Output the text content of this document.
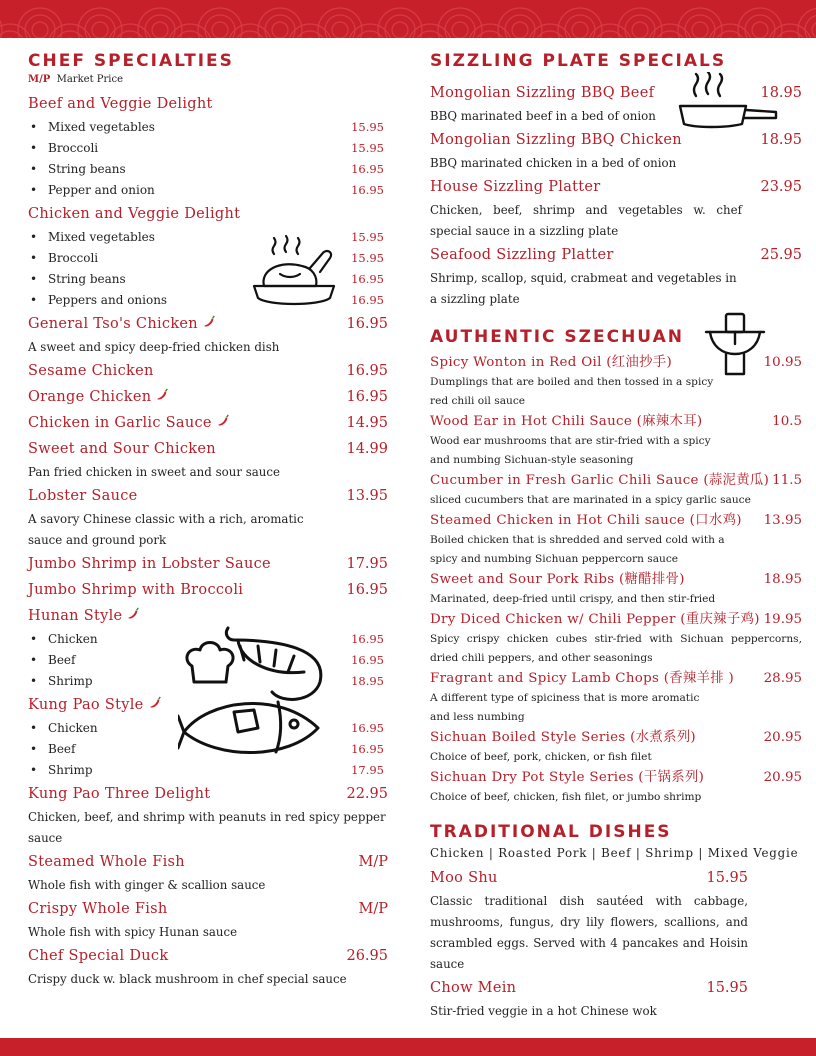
CHEF SPECIALTIES
M/P Market Price
Beef and Veggie Delight
• Mixed vegetables	15.95
• Broccoli	15.95
• String beans	16.95
• Pepper and onion	16.95
Chicken and Veggie Delight
• Mixed vegetables	15.95
• Broccoli	15.95
• String beans	16.95
• Peppers and onions	16.95
General Tso's Chicken	16.95
A sweet and spicy deep-fried chicken dish
Sesame Chicken	16.95
Orange Chicken	16.95
Chicken in Garlic Sauce	14.95
Sweet and Sour Chicken	14.99
Pan fried chicken in sweet and sour sauce
Lobster Sauce	13.95
A savory Chinese classic with a rich, aromatic sauce and ground pork
Jumbo Shrimp in Lobster Sauce	17.95
Jumbo Shrimp with Broccoli	16.95
Hunan Style
• Chicken	16.95
• Beef	16.95
• Shrimp	18.95
Kung Pao Style
• Chicken	16.95
• Beef	16.95
• Shrimp	17.95
Kung Pao Three Delight	22.95
Chicken, beef, and shrimp with peanuts in red spicy pepper sauce
Steamed Whole Fish	M/P
Whole fish with ginger & scallion sauce
Crispy Whole Fish	M/P
Whole fish with spicy Hunan sauce
Chef Special Duck	26.95
Crispy duck w. black mushroom in chef special sauce
SIZZLING PLATE SPECIALS
Mongolian Sizzling BBQ Beef	18.95
BBQ marinated beef in a bed of onion
Mongolian Sizzling BBQ Chicken	18.95
BBQ marinated chicken in a bed of onion
House Sizzling Platter	23.95
Chicken, beef, shrimp and vegetables w. chef special sauce in a sizzling plate
Seafood Sizzling Platter	25.95
Shrimp, scallop, squid, crabmeat and vegetables in a sizzling plate
AUTHENTIC SZECHUAN
Spicy Wonton in Red Oil (红油抄手)	10.95
Dumplings that are boiled and then tossed in a spicy red chili oil sauce
Wood Ear in Hot Chili Sauce (麻辣木耳)	10.5
Wood ear mushrooms that are stir-fried with a spicy and numbing Sichuan-style seasoning
Cucumber in Fresh Garlic Chili Sauce (蒜泥黄瓜) 11.5
sliced cucumbers that are marinated in a spicy garlic sauce
Steamed Chicken in Hot Chili sauce (口水鸡) 13.95
Boiled chicken that is shredded and served cold with a spicy and numbing Sichuan peppercorn sauce
Sweet and Sour Pork Ribs (糖醋排骨)	18.95
Marinated, deep-fried until crispy, and then stir-fried
Dry Diced Chicken w/ Chili Pepper (重庆辣子鸡) 19.95
Spicy crispy chicken cubes stir-fried with Sichuan peppercorns, dried chili peppers, and other seasonings
Fragrant and Spicy Lamb Chops (香辣羊排 ) 28.95
A different type of spiciness that is more aromatic and less numbing
Sichuan Boiled Style Series (水煮系列)	20.95
Choice of beef, pork, chicken, or fish filet
Sichuan Dry Pot Style Series (干锅系列)	20.95
Choice of beef, chicken, fish filet, or jumbo shrimp
TRADITIONAL DISHES
Chicken | Roasted Pork | Beef | Shrimp | Mixed Veggie
Moo Shu	15.95
Classic traditional dish sautéed with cabbage, mushrooms, fungus, dry lily flowers, scallions, and scrambled eggs. Served with 4 pancakes and Hoisin sauce
Chow Mein	15.95
Stir-fried veggie in a hot Chinese wok
